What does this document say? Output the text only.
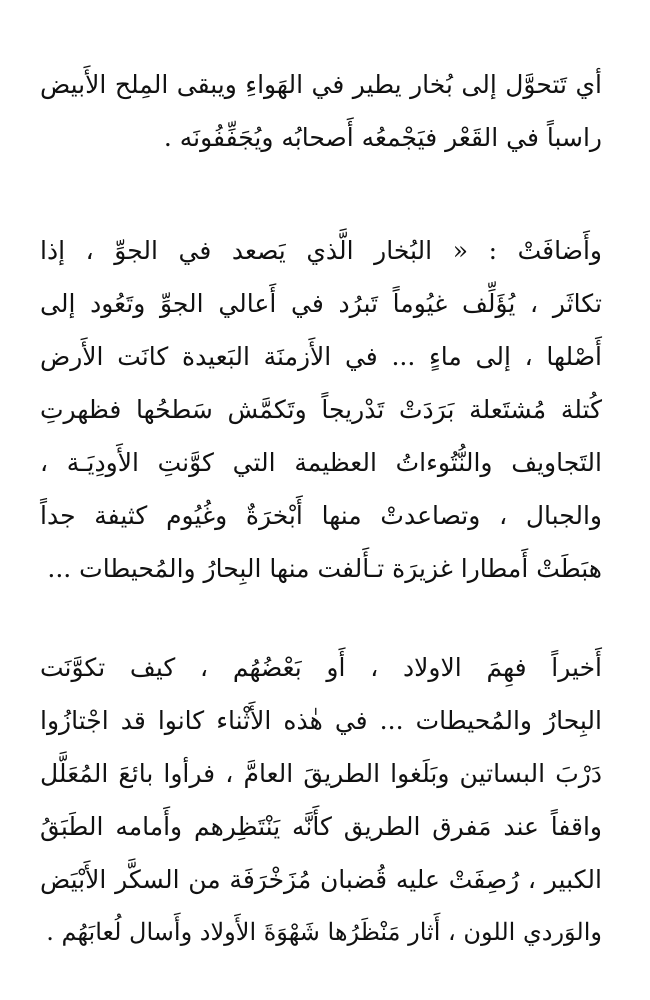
أي تَتحوَّل إلى بُخار يطير في الهَواءِ ويبقى المِلح الأَبيض
راسباً في القَعْر فيَجْمعُه أَصحابُه ويُجَفِّفُونَه .
وأَضافَتْ : « البُخار الَّذي يَصعد في الجوِّ ، إذا
تكاثَر ، يُؤَلِّف غيُوماً تَبرُد في أَعالي الجوِّ وتَعُود إلى
أَصْلها ، إلى ماءٍ ... في الأَزمنَة البَعيدة كانَت الأَرض
كُتلة مُشتَعلة بَرَدَتْ تَدْريجاً وتَكمَّش سَطحُها فظهرتِ
التَجاويف والنُّتُوءاتُ العظيمة التي كوَّنتِ الأَودِيَـة ،
والجبال ، وتصاعدتْ منها أَبْخرَةٌ وغُيُوم كثيفة جداً
هبَطَتْ أَمطارا غزيرَة تـأَلفت منها البِحارُ والمُحيطات ...
أَخيراً فهِمَ الاولاد ، أَو بَعْضُهُم ، كيف تكوَّنَت
البِحارُ والمُحيطات ... في هٰذه الأَثْناء كانوا قد اجْتازُوا
دَرْبَ البساتين وبَلَغوا الطريقَ العامَّ ، فرأوا بائعَ المُعَلَّل
واقفاً عند مَفرق الطريق كأَنَّه يَنْتَظِرهم وأَمامه الطَبَقُ
الكبير ، رُصِفَتْ عليه قُضبان مُزَخْرَفَة من السكَّر الأَبْيَض
والوَردي اللون ، أَثار مَنْظَرُها شَهْوَةَ الأَولاد وأَسال لُعابَهُم .
